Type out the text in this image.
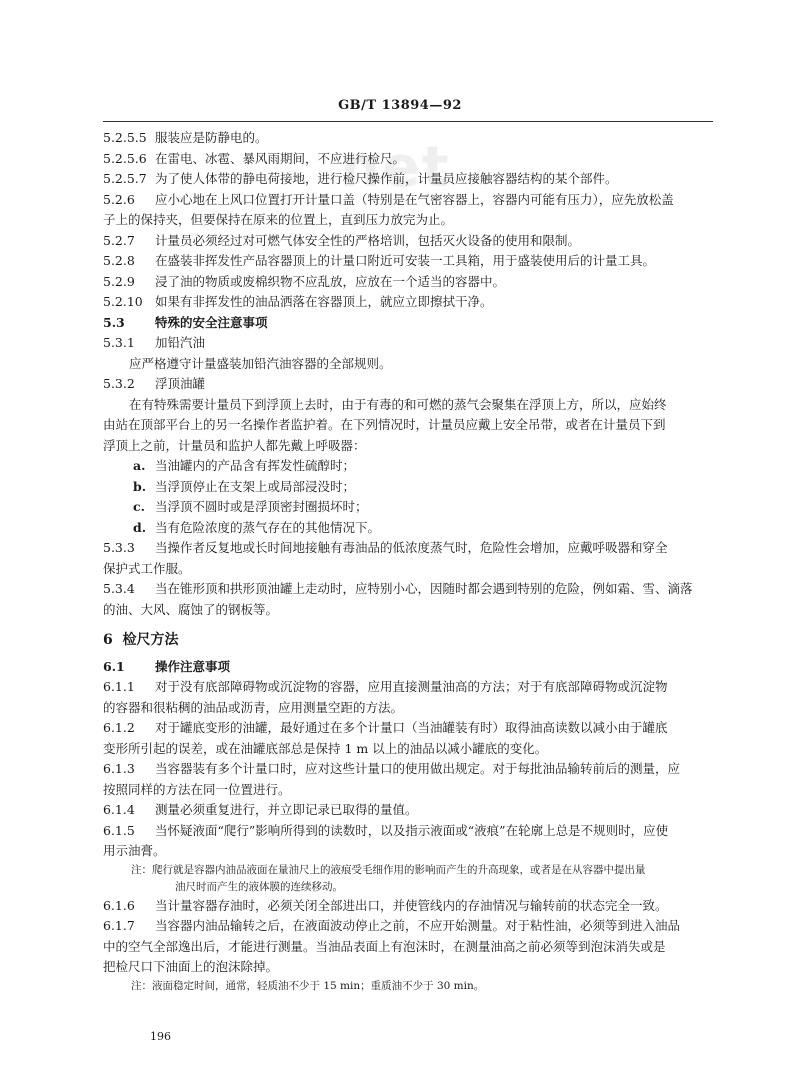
net
GB/T 13894—92
5.2.5.5 服装应是防静电的。
5.2.5.6 在雷电、冰雹、暴风雨期间，不应进行检尺。
5.2.5.7 为了使人体带的静电荷接地，进行检尺操作前，计量员应接触容器结构的某个部件。
5.2.6 应小心地在上风口位置打开计量口盖（特别是在气密容器上，容器内可能有压力），应先放松盖
子上的保持夹，但要保持在原来的位置上，直到压力放完为止。
5.2.7 计量员必须经过对可燃气体安全性的严格培训，包括灭火设备的使用和限制。
5.2.8 在盛装非挥发性产品容器顶上的计量口附近可安装一工具箱，用于盛装使用后的计量工具。
5.2.9 浸了油的物质或废棉织物不应乱放，应放在一个适当的容器中。
5.2.10 如果有非挥发性的油品洒落在容器顶上，就应立即擦拭干净。
5.3 特殊的安全注意事项
5.3.1 加铅汽油
应严格遵守计量盛装加铅汽油容器的全部规则。
5.3.2 浮顶油罐
在有特殊需要计量员下到浮顶上去时，由于有毒的和可燃的蒸气会聚集在浮顶上方，所以，应始终
由站在顶部平台上的另一名操作者监护着。在下列情况时，计量员应戴上安全吊带，或者在计量员下到
浮顶上之前，计量员和监护人都先戴上呼吸器：
a. 当油罐内的产品含有挥发性硫醇时；
b. 当浮顶停止在支架上或局部浸没时；
c. 当浮顶不圆时或是浮顶密封圈损坏时；
d. 当有危险浓度的蒸气存在的其他情况下。
5.3.3 当操作者反复地或长时间地接触有毒油品的低浓度蒸气时，危险性会增加，应戴呼吸器和穿全
保护式工作服。
5.3.4 当在锥形顶和拱形顶油罐上走动时，应特别小心，因随时都会遇到特别的危险，例如霜、雪、滴落
的油、大风、腐蚀了的钢板等。
6 检尺方法
6.1 操作注意事项
6.1.1 对于没有底部障碍物或沉淀物的容器，应用直接测量油高的方法；对于有底部障碍物或沉淀物
的容器和很粘稠的油品或沥青，应用测量空距的方法。
6.1.2 对于罐底变形的油罐，最好通过在多个计量口（当油罐装有时）取得油高读数以减小由于罐底
变形所引起的误差，或在油罐底部总是保持 1 m 以上的油品以减小罐底的变化。
6.1.3 当容器装有多个计量口时，应对这些计量口的使用做出规定。对于每批油品输转前后的测量，应
按照同样的方法在同一位置进行。
6.1.4 测量必须重复进行，并立即记录已取得的量值。
6.1.5 当怀疑液面“爬行”影响所得到的读数时，以及指示液面或“液痕”在轮廓上总是不规则时，应使
用示油膏。
注：爬行就是容器内油品液面在量油尺上的液痕受毛细作用的影响而产生的升高现象，或者是在从容器中提出量
油尺时而产生的液体膜的连续移动。
6.1.6 当计量容器存油时，必须关闭全部进出口，并使管线内的存油情况与输转前的状态完全一致。
6.1.7 当容器内油品输转之后，在液面波动停止之前，不应开始测量。对于粘性油，必须等到进入油品
中的空气全部逸出后，才能进行测量。当油品表面上有泡沫时，在测量油高之前必须等到泡沫消失或是
把检尺口下油面上的泡沫除掉。
注：液面稳定时间，通常，轻质油不少于 15 min；重质油不少于 30 min。
196
